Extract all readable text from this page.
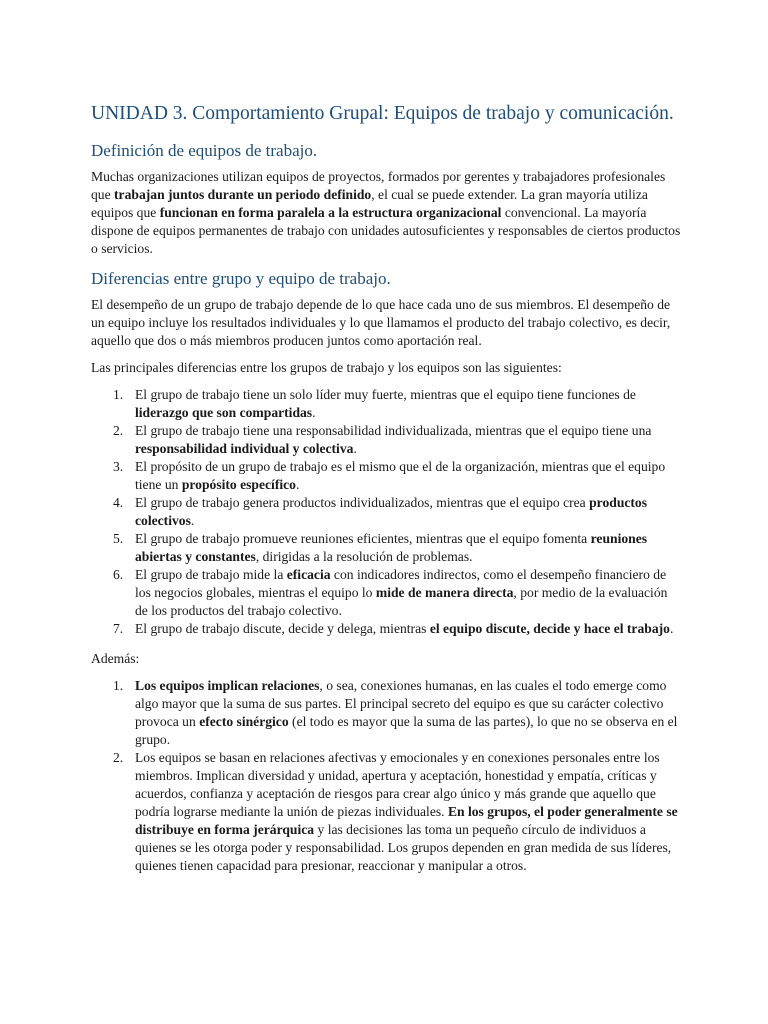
UNIDAD 3. Comportamiento Grupal: Equipos de trabajo y comunicación.
Definición de equipos de trabajo.

Muchas organizaciones utilizan equipos de proyectos, formados por gerentes y trabajadores profesionales que trabajan juntos durante un periodo definido, el cual se puede extender. La gran mayoría utiliza equipos que funcionan en forma paralela a la estructura organizacional convencional. La mayoría dispone de equipos permanentes de trabajo con unidades autosuficientes y responsables de ciertos productos o servicios.

Diferencias entre grupo y equipo de trabajo.

El desempeño de un grupo de trabajo depende de lo que hace cada uno de sus miembros. El desempeño de un equipo incluye los resultados individuales y lo que llamamos el producto del trabajo colectivo, es decir, aquello que dos o más miembros producen juntos como aportación real.

Las principales diferencias entre los grupos de trabajo y los equipos son las siguientes:

1. El grupo de trabajo tiene un solo líder muy fuerte, mientras que el equipo tiene funciones de liderazgo que son compartidas.
2. El grupo de trabajo tiene una responsabilidad individualizada, mientras que el equipo tiene una responsabilidad individual y colectiva.
3. El propósito de un grupo de trabajo es el mismo que el de la organización, mientras que el equipo tiene un propósito específico.
4. El grupo de trabajo genera productos individualizados, mientras que el equipo crea productos colectivos.
5. El grupo de trabajo promueve reuniones eficientes, mientras que el equipo fomenta reuniones abiertas y constantes, dirigidas a la resolución de problemas.
6. El grupo de trabajo mide la eficacia con indicadores indirectos, como el desempeño financiero de los negocios globales, mientras el equipo lo mide de manera directa, por medio de la evaluación de los productos del trabajo colectivo.
7. El grupo de trabajo discute, decide y delega, mientras el equipo discute, decide y hace el trabajo.

Además:

1. Los equipos implican relaciones, o sea, conexiones humanas, en las cuales el todo emerge como algo mayor que la suma de sus partes. El principal secreto del equipo es que su carácter colectivo provoca un efecto sinérgico (el todo es mayor que la suma de las partes), lo que no se observa en el grupo.
2. Los equipos se basan en relaciones afectivas y emocionales y en conexiones personales entre los miembros. Implican diversidad y unidad, apertura y aceptación, honestidad y empatía, críticas y acuerdos, confianza y aceptación de riesgos para crear algo único y más grande que aquello que podría lograrse mediante la unión de piezas individuales. En los grupos, el poder generalmente se distribuye en forma jerárquica y las decisiones las toma un pequeño círculo de individuos a quienes se les otorga poder y responsabilidad. Los grupos dependen en gran medida de sus líderes, quienes tienen capacidad para presionar, reaccionar y manipular a otros.
